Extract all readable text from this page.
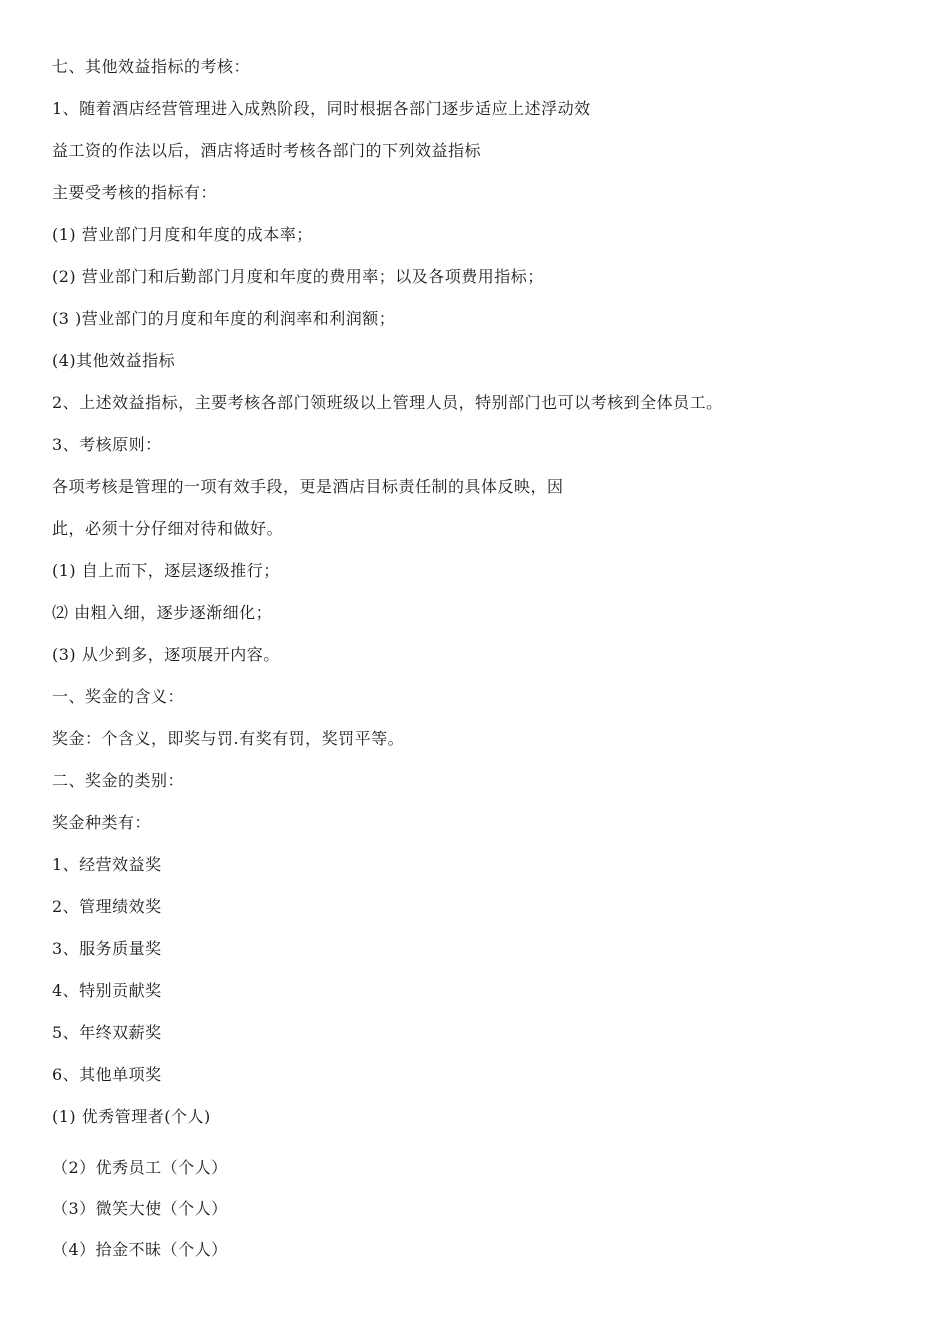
七、其他效益指标的考核：
1、随着酒店经营管理进入成熟阶段，同时根据各部门逐步适应上述浮动效
益工资的作法以后，酒店将适时考核各部门的下列效益指标
主要受考核的指标有：
(1) 营业部门月度和年度的成本率；
(2) 营业部门和后勤部门月度和年度的费用率；以及各项费用指标；
(3 )营业部门的月度和年度的利润率和利润额；
(4)其他效益指标
2、上述效益指标，主要考核各部门领班级以上管理人员，特别部门也可以考核到全体员工。
3、考核原则：
各项考核是管理的一项有效手段，更是酒店目标责任制的具体反映，因
此，必须十分仔细对待和做好。
(1) 自上而下，逐层逐级推行；
⑵ 由粗入细，逐步逐渐细化；
(3) 从少到多，逐项展开内容。
一、奖金的含义：
奖金：个含义，即奖与罚.有奖有罚，奖罚平等。
二、奖金的类别：
奖金种类有：
1、经营效益奖
2、管理绩效奖
3、服务质量奖
4、特别贡献奖
5、年终双薪奖
6、其他单项奖
(1) 优秀管理者(个人)
（2）优秀员工（个人）
（3）微笑大使（个人）
（4）拾金不昧（个人）
